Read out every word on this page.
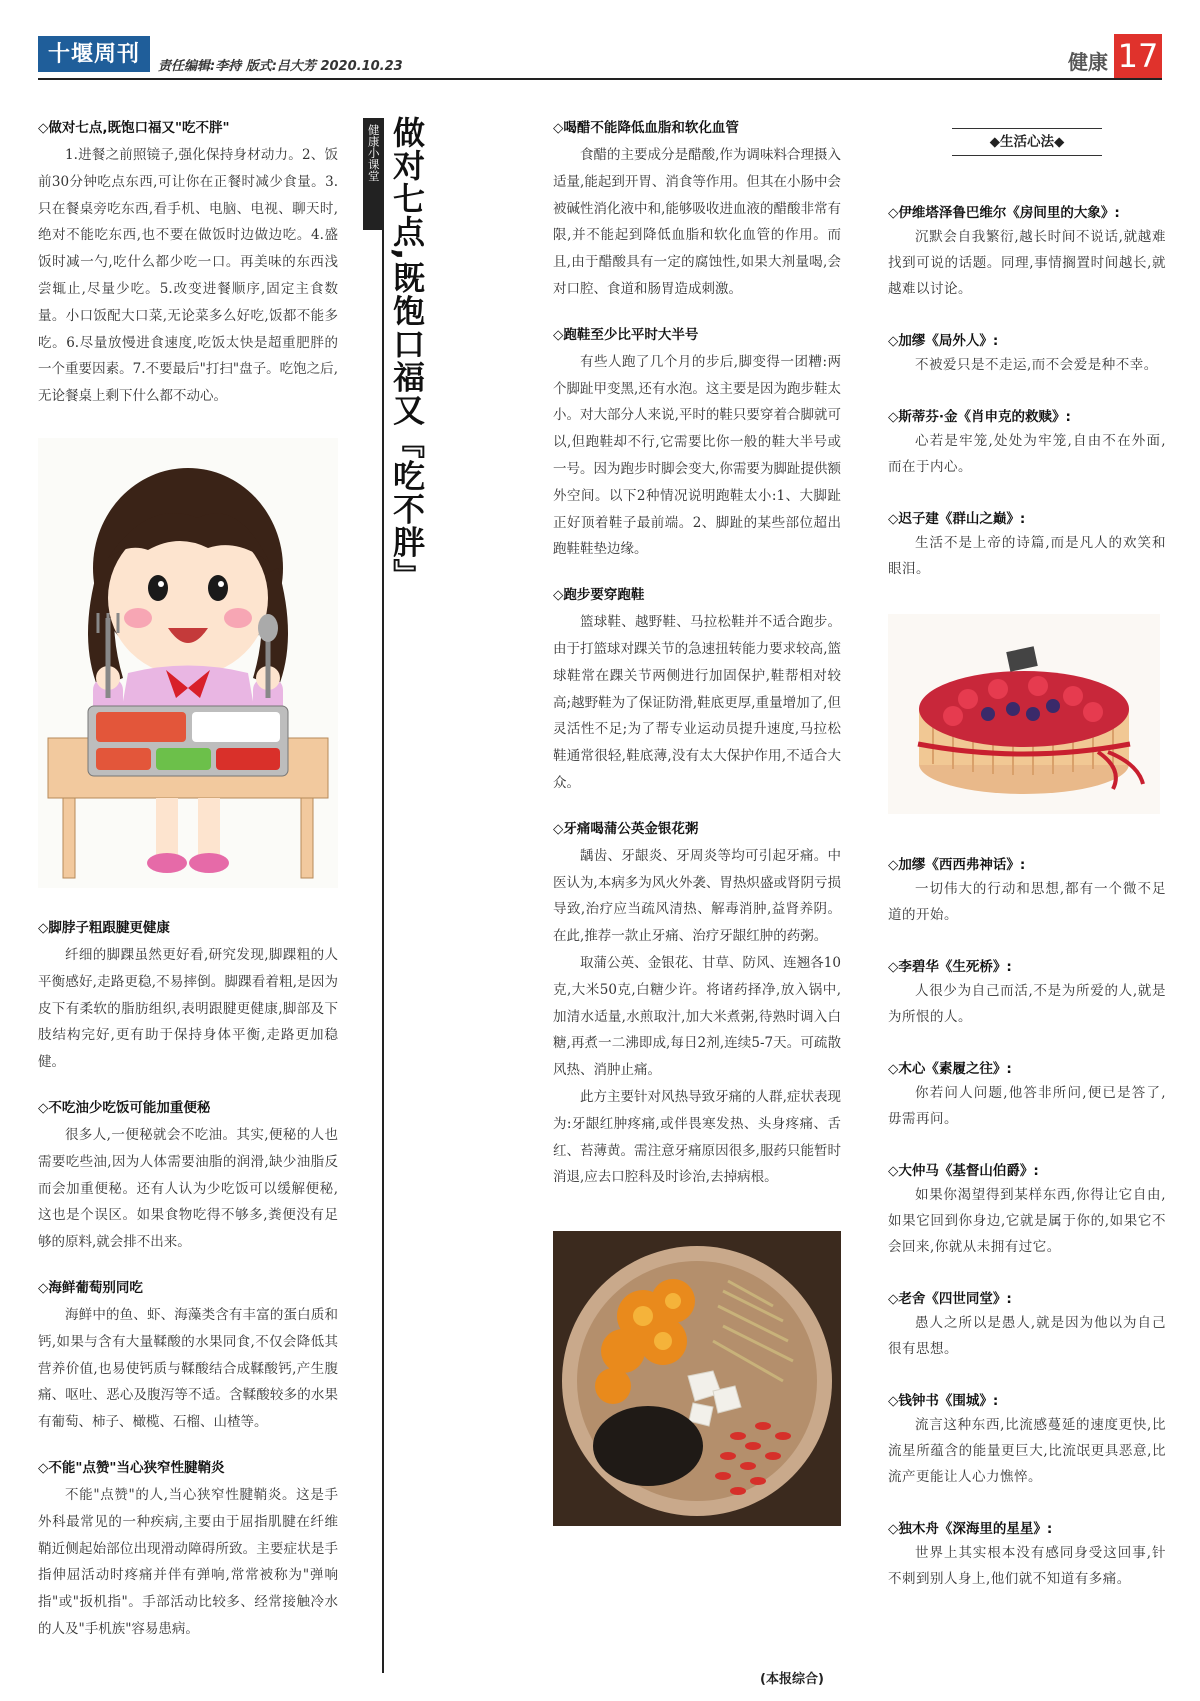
十堰周刊	责任编辑:李持 版式:吕大芳 2020.10.23	健康 17
◇做对七点,既饱口福又"吃不胖"

1.进餐之前照镜子,强化保持身材动力。2、饭前30分钟吃点东西,可让你在正餐时减少食量。3.只在餐桌旁吃东西,看手机、电脑、电视、聊天时,绝对不能吃东西,也不要在做饭时边做边吃。4.盛饭时减一勺,吃什么都少吃一口。再美味的东西浅尝辄止,尽量少吃。5.改变进餐顺序,固定主食数量。小口饭配大口菜,无论菜多么好吃,饭都不能多吃。6.尽量放慢进食速度,吃饭太快是超重肥胖的一个重要因素。7.不要最后"打扫"盘子。吃饱之后,无论餐桌上剩下什么都不动心。

◇脚脖子粗跟腱更健康

纤细的脚踝虽然更好看,研究发现,脚踝粗的人平衡感好,走路更稳,不易摔倒。脚踝看着粗,是因为皮下有柔软的脂肪组织,表明跟腱更健康,脚部及下肢结构完好,更有助于保持身体平衡,走路更加稳健。

◇不吃油少吃饭可能加重便秘

很多人,一便秘就会不吃油。其实,便秘的人也需要吃些油,因为人体需要油脂的润滑,缺少油脂反而会加重便秘。还有人认为少吃饭可以缓解便秘,这也是个误区。如果食物吃得不够多,粪便没有足够的原料,就会排不出来。

◇海鲜葡萄别同吃

海鲜中的鱼、虾、海藻类含有丰富的蛋白质和钙,如果与含有大量鞣酸的水果同食,不仅会降低其营养价值,也易使钙质与鞣酸结合成鞣酸钙,产生腹痛、呕吐、恶心及腹泻等不适。含鞣酸较多的水果有葡萄、柿子、橄榄、石榴、山楂等。

◇不能"点赞"当心狭窄性腱鞘炎

不能"点赞"的人,当心狭窄性腱鞘炎。这是手外科最常见的一种疾病,主要由于屈指肌腱在纤维鞘近侧起始部位出现滑动障碍所致。主要症状是手指伸屈活动时疼痛并伴有弹响,常常被称为"弹响指"或"扳机指"。手部活动比较多、经常接触冷水的人及"手机族"容易患病。

健康小课堂 做对七点,既饱口福又『吃不胖』	◇喝醋不能降低血脂和软化血管

食醋的主要成分是醋酸,作为调味料合理摄入适量,能起到开胃、消食等作用。但其在小肠中会被碱性消化液中和,能够吸收进血液的醋酸非常有限,并不能起到降低血脂和软化血管的作用。而且,由于醋酸具有一定的腐蚀性,如果大剂量喝,会对口腔、食道和肠胃造成刺激。

◇跑鞋至少比平时大半号

有些人跑了几个月的步后,脚变得一团糟:两个脚趾甲变黑,还有水泡。这主要是因为跑步鞋太小。对大部分人来说,平时的鞋只要穿着合脚就可以,但跑鞋却不行,它需要比你一般的鞋大半号或一号。因为跑步时脚会变大,你需要为脚趾提供额外空间。以下2种情况说明跑鞋太小:1、大脚趾正好顶着鞋子最前端。2、脚趾的某些部位超出跑鞋鞋垫边缘。

◇跑步要穿跑鞋

篮球鞋、越野鞋、马拉松鞋并不适合跑步。由于打篮球对踝关节的急速扭转能力要求较高,篮球鞋常在踝关节两侧进行加固保护,鞋帮相对较高;越野鞋为了保证防滑,鞋底更厚,重量增加了,但灵活性不足;为了帮专业运动员提升速度,马拉松鞋通常很轻,鞋底薄,没有太大保护作用,不适合大众。

◇牙痛喝蒲公英金银花粥

龋齿、牙龈炎、牙周炎等均可引起牙痛。中医认为,本病多为风火外袭、胃热炽盛或肾阴亏损导致,治疗应当疏风清热、解毒消肿,益肾养阴。在此,推荐一款止牙痛、治疗牙龈红肿的药粥。

取蒲公英、金银花、甘草、防风、连翘各10克,大米50克,白糖少许。将诸药择净,放入锅中,加清水适量,水煎取汁,加大米煮粥,待熟时调入白糖,再煮一二沸即成,每日2剂,连续5-7天。可疏散风热、消肿止痛。

此方主要针对风热导致牙痛的人群,症状表现为:牙龈红肿疼痛,或伴畏寒发热、头身疼痛、舌红、苔薄黄。需注意牙痛原因很多,服药只能暂时消退,应去口腔科及时诊治,去掉病根。

◆生活心法◆
◇伊维塔泽鲁巴维尔《房间里的大象》:
沉默会自我繁衍,越长时间不说话,就越难找到可说的话题。同理,事情搁置时间越长,就越难以讨论。
◇加缪《局外人》:
不被爱只是不走运,而不会爱是种不幸。
◇斯蒂芬·金《肖申克的救赎》:
心若是牢笼,处处为牢笼,自由不在外面,而在于内心。
◇迟子建《群山之巅》:
生活不是上帝的诗篇,而是凡人的欢笑和眼泪。
◇加缪《西西弗神话》:
一切伟大的行动和思想,都有一个微不足道的开始。
◇李碧华《生死桥》:
人很少为自己而活,不是为所爱的人,就是为所恨的人。
◇木心《素履之往》:
你若问人问题,他答非所问,便已是答了,毋需再问。
◇大仲马《基督山伯爵》:
如果你渴望得到某样东西,你得让它自由,如果它回到你身边,它就是属于你的,如果它不会回来,你就从未拥有过它。
◇老舍《四世同堂》:
愚人之所以是愚人,就是因为他以为自己很有思想。
◇钱钟书《围城》:
流言这种东西,比流感蔓延的速度更快,比流星所蕴含的能量更巨大,比流氓更具恶意,比流产更能让人心力憔悴。
◇独木舟《深海里的星星》:
世界上其实根本没有感同身受这回事,针不刺到别人身上,他们就不知道有多痛。
(本报综合)
